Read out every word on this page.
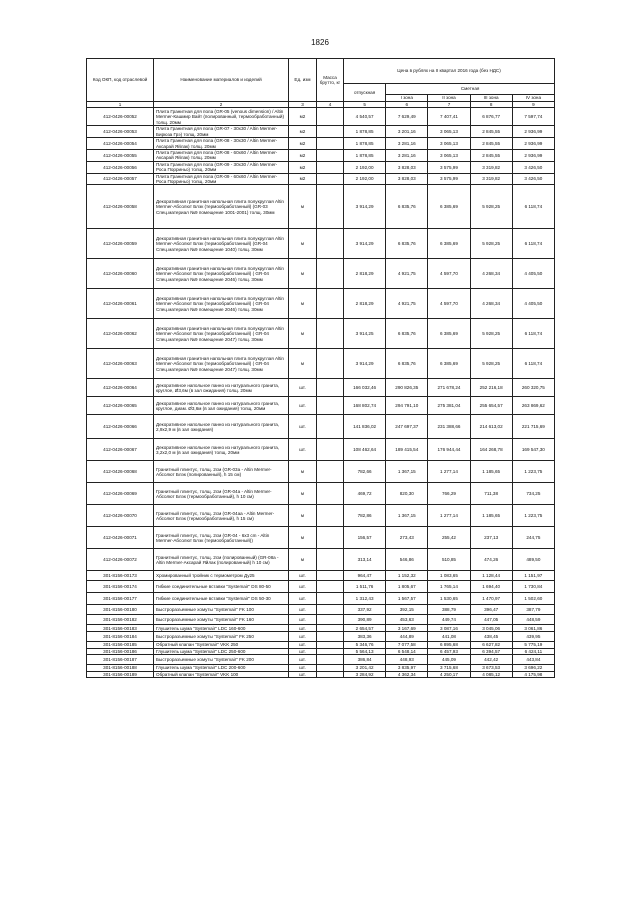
1826
Код ОКП, код отраслевой	Наименование материалов и изделий	Ед. изм	Масса брутто, кг	Цена в рублях на II квартал 2016 года (без НДС)				
				отпускная	Сметная			
					I зона	II зона	III зона	IV зона

1	2	3	4	5	6	7	8	9
412-0426-00052	Плита Гранитная для пола (GR-05 (venous dimension) / Altin Mermer-Кашмир Вайт (полированный, термообработанный) толщ. 20мм	м2		4 540,57	7 629,49	7 407,41	6 876,77	7 597,74
412-0426-00053	Плита Гранитная для пола (GR-07 - 30x30 / Altin Mermer-Бирюза Грэ) толщ. 20мм	м2		1 878,85	3 201,16	3 065,13	2 845,55	2 936,99
412-0426-00054	Плита Гранитная для пола (GR-08 - 30x30 / Altin Mermer-Аксарай Яйлак) толщ. 20мм	м2		1 878,85	3 281,16	3 065,13	2 845,55	2 936,99
412-0426-00055	Плита Гранитная для пола (GR-08 - 60x60 / Altin Mermer-Аксарай Яйлак) толщ. 20мм	м2		1 878,85	3 281,16	3 065,13	2 845,55	2 936,99
412-0426-00056	Плита Гранитная для пола (GR-09 - 30x30 / Altin Mermer-Роса Порриньо) толщ. 20мм	м2		2 192,00	3 828,03	3 575,99	3 319,82	3 426,50
412-0426-00057	Плита Гранитная для пола (GR-09 - 60x60 / Altin Mermer-Роса Порриньо) толщ. 20мм	м2		2 192,00	3 828,03	3 575,99	3 319,82	3 426,50
412-0426-00058	Декоративная гранитная напольная плита полукруглая Altin Mermer-Абсолют Блэк (термообработанный) (GR-03 Спец.материал №9 помещение 1001-2001) толщ. 30мм	м		3 914,29	6 835,76	6 385,69	5 928,25	6 118,74
412-0426-00059	Декоративная гранитная напольная плита полукруглая Altin Mermer-Абсолют Блэк (термообработанный) (GR-04 Спец.материал №9 помещение 1040) толщ. 30мм	м		3 914,29	6 835,76	6 385,69	5 928,25	6 118,74
412-0426-00060	Декоративная гранитная напольная плита полукруглая Altin Mermer-Абсолют Блэк (термообработанный) ( GR-04 Спец.материал №9 помещение 2046) толщ. 30мм	м		2 818,29	4 921,75	4 597,70	4 268,34	4 405,50
412-0426-00061	Декоративная гранитная напольная плита полукруглая Altin Mermer-Абсолют Блэк (термообработанный) ( GR-04 Спец.материал №9 помещение 2046) толщ. 30мм	м		2 818,29	4 921,75	4 597,70	4 268,34	4 405,50
412-0426-00062	Декоративная гранитная напольная плита полукруглая Altin Mermer-Абсолют Блэк (термообработанный) ( GR-04 Спец.материал №9 помещение 2047) толщ. 30мм	м		3 914,25	6 835,76	6 385,69	5 928,25	6 118,74
412-0426-00063	Декоративная гранитная напольная плита полукруглая Altin Mermer-Абсолют Блэк (термообработанный) ( GR-04 Спец.материал №9 помещение 2047) толщ. 30мм	м		3 914,29	6 835,76	6 385,69	5 928,25	6 118,74
412-0426-00064	Декоративное напольное панно из натурального гранита, круглое, Ø3,6м (в зал ожидания) толщ. 20мм	шт.		166 032,46	290 826,35	271 678,24	252 216,18	260 320,75
412-0426-00065	Декоративное напольное панно из натурального гранита, круглое, диам. Ø3,6м (в зал ожидания) толщ. 20мм	шт.		168 802,74	294 791,10	275 381,04	255 654,57	263 869,62
412-0426-00066	Декоративное напольное панно из натурального гранита, 2,9x2,9 м (в зал ожидания)	шт.		141 836,02	247 697,37	231 388,66	214 613,02	221 715,69
412-0426-00067	Декоративное напольное панно из натурального гранита, 3,2x2,0 м (в зал ожидания) толщ. 20мм	шт.		108 462,64	189 415,54	176 944,44	164 268,78	169 547,30
412-0426-00068	Гранитный плинтус, толщ. 2см (GR-03a - Altin Mermer-Абсолют Блэк (полированный), h 15 см)	м		782,66	1 367,15	1 277,14	1 185,65	1 223,75
412-0426-00069	Гранитный плинтус, толщ. 2см (GR-04a - Altin Mermer-Абсолют Блэк (термообработанный), h 10 см)	м		469,72	820,30	766,29	711,38	734,25
412-0426-00070	Гранитный плинтус, толщ. 2см (GR-04aa - Altin Mermer-Абсолют Блэк (термообработанный), h 15 см)	м		782,86	1 367,15	1 277,14	1 185,65	1 223,75
412-0426-00071	Гранитный плинтус, толщ. 2см (GR-04 - 6x3 cm - Altin Mermer-Абсолют Блэк (термообработанный))	м		156,57	273,43	255,42	237,13	244,75
412-0426-00072	Гранитный плинтус, толщ. 2см (полированный) (GR-08a - Altin Mermer-Аксарай Яйлак (полированный) h 10 см)	м		313,14	546,86	510,85	474,26	489,50
301-8156-00173	Хромированный тройник с термометром Ду25	шт.		964,47	1 152,32	1 083,65	1 128,44	1 151,97
301-8156-00174	Гибкие соединительные вставки "Systemair" DS 80-50	шт.		1 511,76	1 805,67	1 765,14	1 694,40	1 730,84
301-8156-00177	Гибкие соединительные вставки "Systemair" DS 50-30	шт.		1 312,43	1 567,57	1 530,65	1 470,97	1 502,60
301-8156-00180	Быстроразъемные хомуты "Systemair" FK 100	шт.		337,92	392,15	388,79	396,47	387,79
301-8156-00182	Быстроразъемные хомуты "Systemair" FK 160	шт.		390,89	453,63	449,74	447,05	448,59
301-8156-00183	Глушитель шума "Systemair" LDC 160-600	шт.		2 654,57	3 167,69	3 087,16	3 045,06	3 061,86
301-8156-00184	Быстроразъемные хомуты "Systemair" FK 250	шт.		383,36	444,89	441,08	438,45	439,95
301-8156-00185	Обратный клапан "Systemair" VKK 250	шт.		5 346,76	7 077,58	6 895,68	6 627,82	5 775,19
301-8156-00186	Глушитель шума "Systemair" LDC 250-600	шт.		5 564,13	6 548,14	6 457,93	6 394,57	6 424,11
301-8156-00187	Быстроразъемные хомуты "Systemair" FK 200	шт.		386,84	448,93	445,09	442,42	443,84
301-8156-00188	Глушитель шума "Systemair" LDC 200-600	шт.		3 201,42	3 835,97	3 715,68	3 673,53	3 696,22
301-8156-00189	Обратный клапан "Systemair" VKK 100	шт.		3 284,92	4 362,34	4 250,17	4 085,12	4 175,98
